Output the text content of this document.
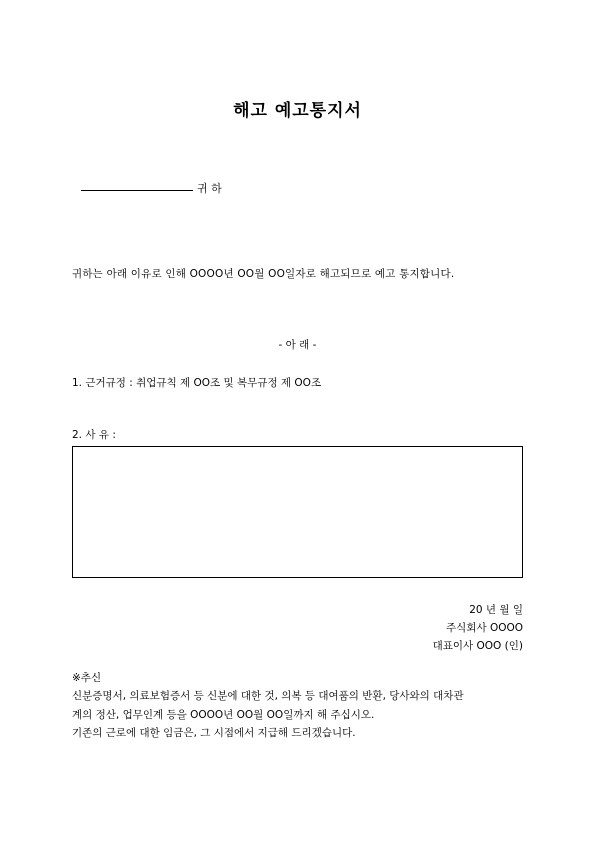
해고 예고통지서
귀 하
귀하는 아래 이유로 인해 OOOO년 OO월 OO일자로 해고되므로 예고 통지합니다.
- 아 래 -
1. 근거규정 : 취업규칙 제 OO조 및 복무규정 제 OO조
2. 사 유 :
20 년 월 일
주식회사 OOOO
대표이사 OOO (인)
※추신
신분증명서, 의료보험증서 등 신분에 대한 것, 의복 등 대여품의 반환, 당사와의 대차관
계의 정산, 업무인계 등을 OOOO년 OO월 OO일까지 해 주십시오.
기존의 근로에 대한 임금은, 그 시점에서 지급해 드리겠습니다.
